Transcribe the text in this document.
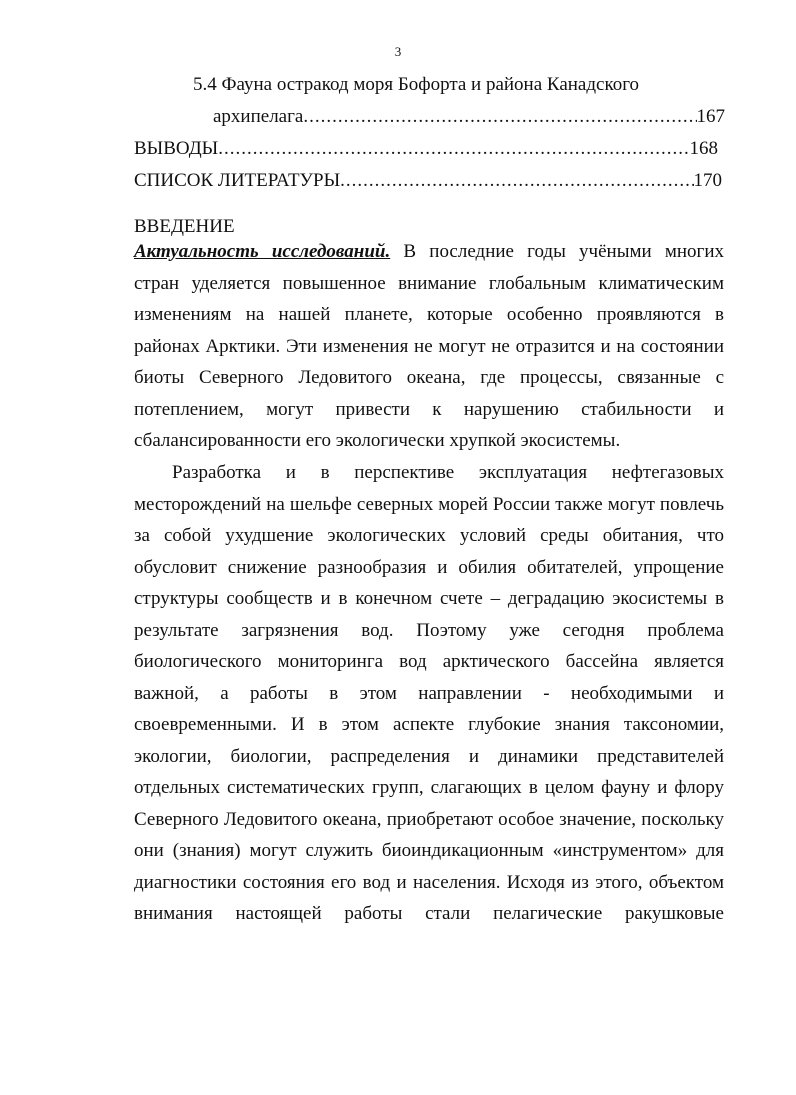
3
5.4 Фауна остракод моря Бофорта и района Канадского
архипелага .....	167
ВЫВОДЫ .....	168
СПИСОК ЛИТЕРАТУРЫ .....	170
ВВЕДЕНИЕ
Актуальность исследований. В последние годы учёными многих
стран уделяется повышенное внимание глобальным климатическим
изменениям на нашей планете, которые особенно проявляются в
районах Арктики. Эти изменения не могут не отразится и на состоянии
биоты Северного Ледовитого океана, где процессы, связанные с
потеплением, могут привести к нарушению стабильности и
сбалансированности его экологически хрупкой экосистемы.
Разработка и в перспективе эксплуатация нефтегазовых
месторождений на шельфе северных морей России также могут повлечь
за собой ухудшение экологических условий среды обитания, что
обусловит снижение разнообразия и обилия обитателей, упрощение
структуры сообществ и в конечном счете – деградацию экосистемы в
результате загрязнения вод. Поэтому уже сегодня проблема
биологического мониторинга вод арктического бассейна является
важной, а работы в этом направлении - необходимыми и
своевременными. И в этом аспекте глубокие знания таксономии,
экологии, биологии, распределения и динамики представителей
отдельных систематических групп, слагающих в целом фауну и флору
Северного Ледовитого океана, приобретают особое значение, поскольку
они (знания) могут служить биоиндикационным «инструментом» для
диагностики состояния его вод и населения. Исходя из этого, объектом
внимания настоящей работы стали пелагические ракушковые
